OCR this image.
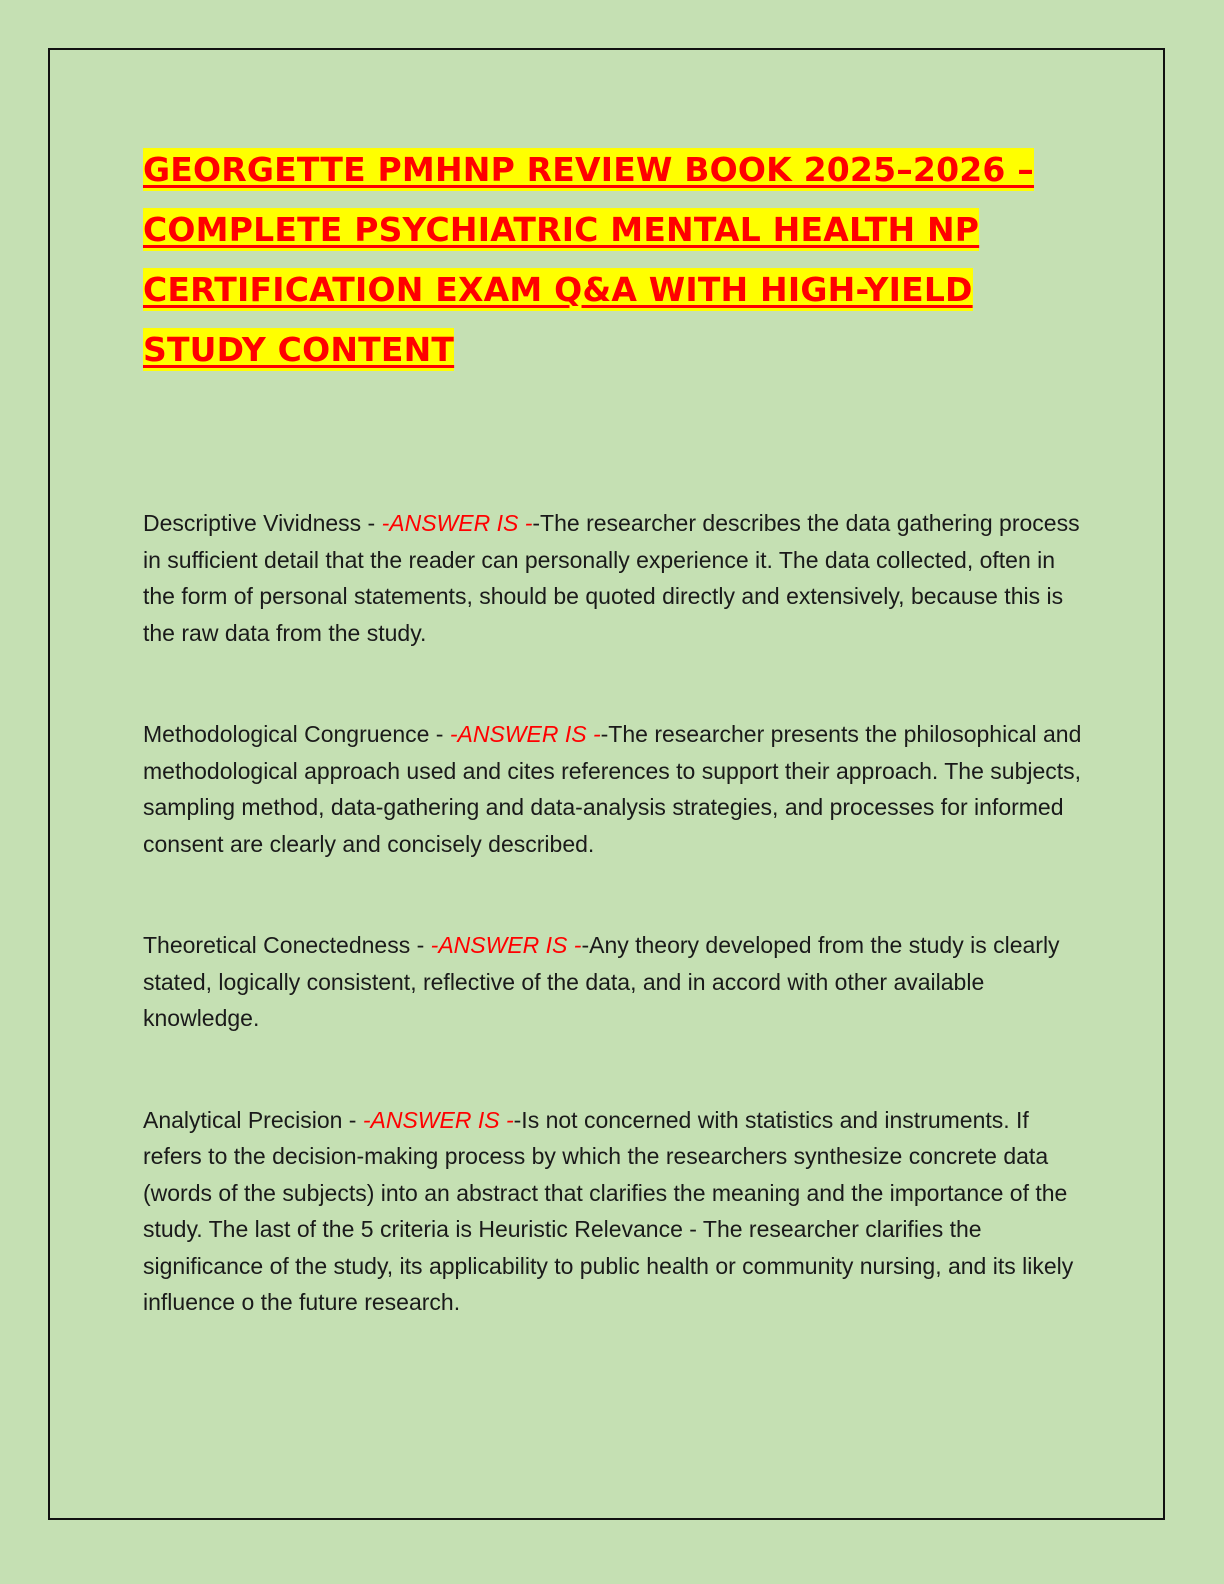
GEORGETTE PMHNP REVIEW BOOK 2025–2026 – COMPLETE PSYCHIATRIC MENTAL HEALTH NP CERTIFICATION EXAM Q&A WITH HIGH-YIELD STUDY CONTENT

Descriptive Vividness - -ANSWER IS --The researcher describes the data gathering process in sufficient detail that the reader can personally experience it. The data collected, often in the form of personal statements, should be quoted directly and extensively, because this is the raw data from the study.

Methodological Congruence - -ANSWER IS --The researcher presents the philosophical and methodological approach used and cites references to support their approach. The subjects, sampling method, data-gathering and data-analysis strategies, and processes for informed consent are clearly and concisely described.

Theoretical Conectedness - -ANSWER IS --Any theory developed from the study is clearly stated, logically consistent, reflective of the data, and in accord with other available knowledge.

Analytical Precision - -ANSWER IS --Is not concerned with statistics and instruments. If refers to the decision-making process by which the researchers synthesize concrete data (words of the subjects) into an abstract that clarifies the meaning and the importance of the study. The last of the 5 criteria is Heuristic Relevance - The researcher clarifies the significance of the study, its applicability to public health or community nursing, and its likely influence o the future research.
